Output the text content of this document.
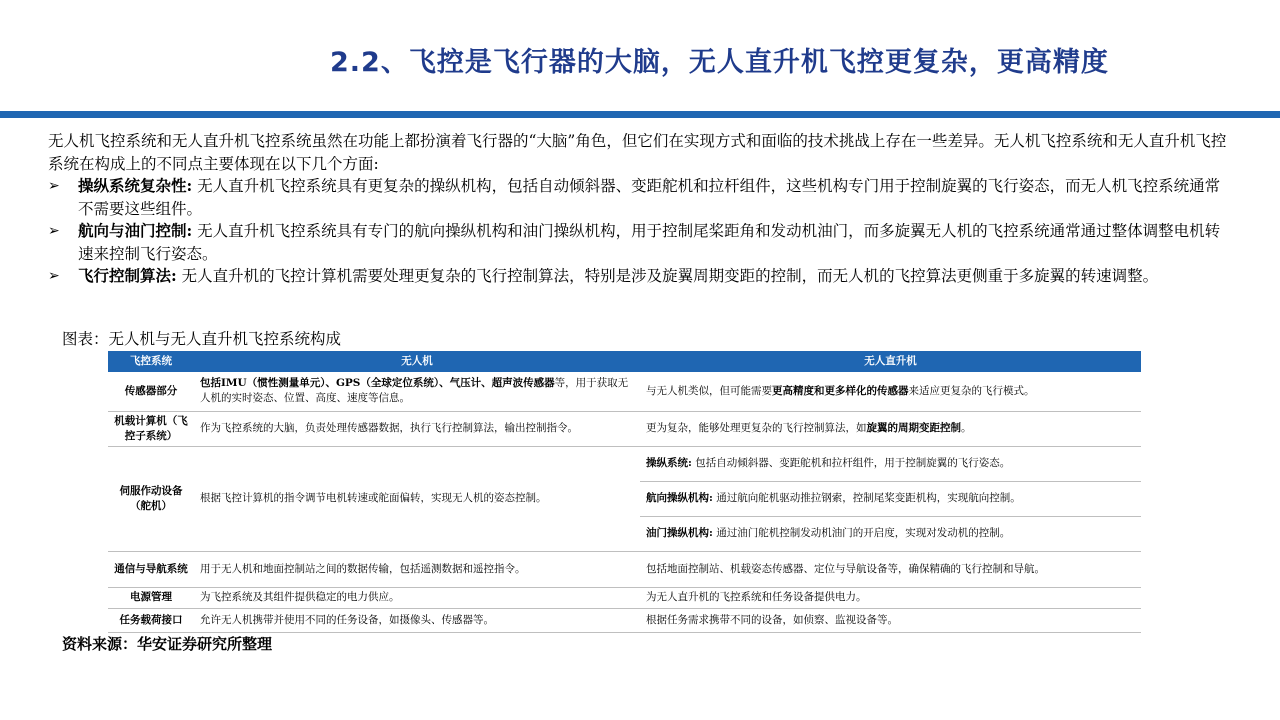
2.2、飞控是飞行器的大脑，无人直升机飞控更复杂，更高精度

无人机飞控系统和无人直升机飞控系统虽然在功能上都扮演着飞行器的“大脑”角色，但它们在实现方式和面临的技术挑战上存在一些差异。无人机飞控系统和无人直升机飞控系统在构成上的不同点主要体现在以下几个方面:

➢ 操纵系统复杂性: 无人直升机飞控系统具有更复杂的操纵机构，包括自动倾斜器、变距舵机和拉杆组件，这些机构专门用于控制旋翼的飞行姿态，而无人机飞控系统通常不需要这些组件。
➢ 航向与油门控制: 无人直升机飞控系统具有专门的航向操纵机构和油门操纵机构，用于控制尾桨距角和发动机油门，而多旋翼无人机的飞控系统通常通过整体调整电机转速来控制飞行姿态。
➢ 飞行控制算法: 无人直升机的飞控计算机需要处理更复杂的飞行控制算法，特别是涉及旋翼周期变距的控制，而无人机的飞控算法更侧重于多旋翼的转速调整。
图表：无人机与无人直升机飞控系统构成
飞控系统	无人机	无人直升机
传感器部分	包括IMU（惯性测量单元）、GPS（全球定位系统）、气压计、超声波传感器等，用于获取无人机的实时姿态、位置、高度、速度等信息。	与无人机类似，但可能需要更高精度和更多样化的传感器来适应更复杂的飞行模式。
机载计算机（飞控子系统）	作为飞控系统的大脑，负责处理传感器数据，执行飞行控制算法，输出控制指令。	更为复杂，能够处理更复杂的飞行控制算法，如旋翼的周期变距控制。
伺服作动设备（舵机）	根据飞控计算机的指令调节电机转速或舵面偏转，实现无人机的姿态控制。	操纵系统: 包括自动倾斜器、变距舵机和拉杆组件，用于控制旋翼的飞行姿态。
		航向操纵机构: 通过航向舵机驱动推拉钢索，控制尾桨变距机构，实现航向控制。
		油门操纵机构: 通过油门舵机控制发动机油门的开启度，实现对发动机的控制。
通信与导航系统	用于无人机和地面控制站之间的数据传输，包括遥测数据和遥控指令。	包括地面控制站、机载姿态传感器、定位与导航设备等，确保精确的飞行控制和导航。
电源管理	为飞控系统及其组件提供稳定的电力供应。	为无人直升机的飞控系统和任务设备提供电力。
任务载荷接口	允许无人机携带并使用不同的任务设备，如摄像头、传感器等。	根据任务需求携带不同的设备，如侦察、监视设备等。
资料来源：华安证券研究所整理
